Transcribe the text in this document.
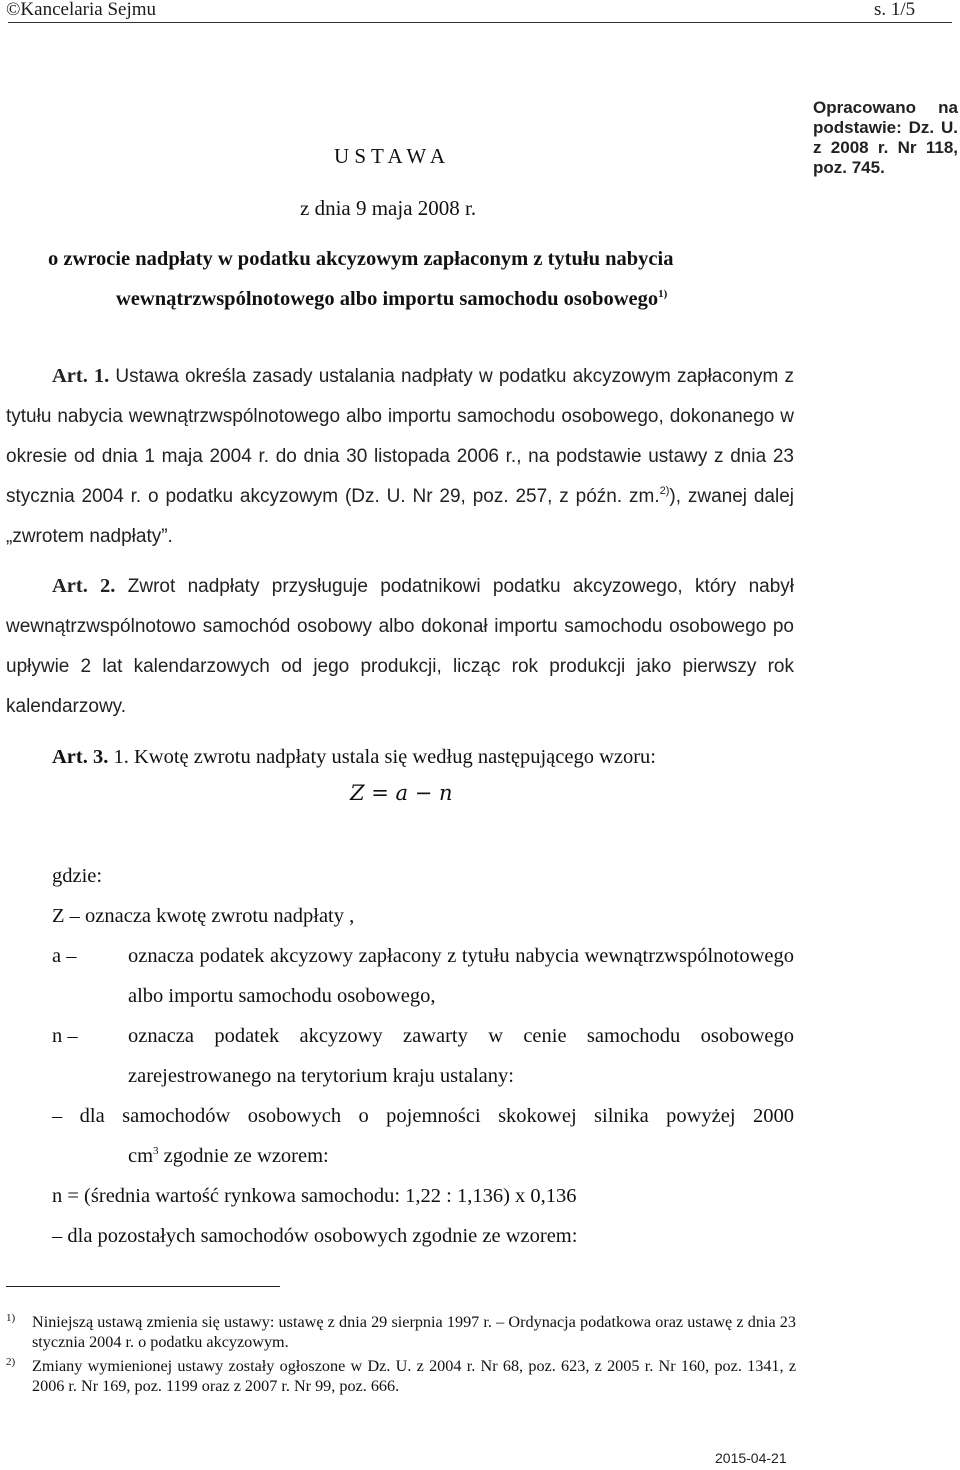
©Kancelaria Sejmu	s. 1/5
Opracowano na podstawie: Dz. U. z 2008 r. Nr 118, poz. 745.
U S T A W A
z dnia 9 maja 2008 r.
o zwrocie nadpłaty w podatku akcyzowym zapłaconym z tytułu nabycia
wewnątrzwspólnotowego albo importu samochodu osobowego$^{1)}$
Art. 1. Ustawa określa zasady ustalania nadpłaty w podatku akcyzowym zapłaconym z tytułu nabycia wewnątrzwspólnotowego albo importu samochodu osobowego, dokonanego w okresie od dnia 1 maja 2004 r. do dnia 30 listopada 2006 r., na podstawie ustawy z dnia 23 stycznia 2004 r. o podatku akcyzowym (Dz. U. Nr 29, poz. 257, z późn. zm.$^{2)}$), zwanej dalej „zwrotem nadpłaty”.
Art. 2. Zwrot nadpłaty przysługuje podatnikowi podatku akcyzowego, który nabył wewnątrzwspólnotowo samochód osobowy albo dokonał importu samochodu osobowego po upływie 2 lat kalendarzowych od jego produkcji, licząc rok produkcji jako pierwszy rok kalendarzowy.
Art. 3. 1. Kwotę zwrotu nadpłaty ustala się według następującego wzoru:
Z = a − n
gdzie:
Z – oznacza kwotę zwrotu nadpłaty ,
a –	oznacza podatek akcyzowy zapłacony z tytułu nabycia wewnątrzwspólnotowego albo importu samochodu osobowego,
n –	oznacza podatek akcyzowy zawarty w cenie samochodu osobowego zarejestrowanego na terytorium kraju ustalany:
– dla samochodów osobowych o pojemności skokowej silnika powyżej 2000
$cm^3$ zgodnie ze wzorem:
n = (średnia wartość rynkowa samochodu: 1,22 : 1,136) x 0,136
– dla pozostałych samochodów osobowych zgodnie ze wzorem:
1)	Niniejszą ustawą zmienia się ustawy: ustawę z dnia 29 sierpnia 1997 r. – Ordynacja podatkowa oraz ustawę z dnia 23 stycznia 2004 r. o podatku akcyzowym.
2)	Zmiany wymienionej ustawy zostały ogłoszone w Dz. U. z 2004 r. Nr 68, poz. 623, z 2005 r. Nr 160, poz. 1341, z 2006 r. Nr 169, poz. 1199 oraz z 2007 r. Nr 99, poz. 666.
2015-04-21
